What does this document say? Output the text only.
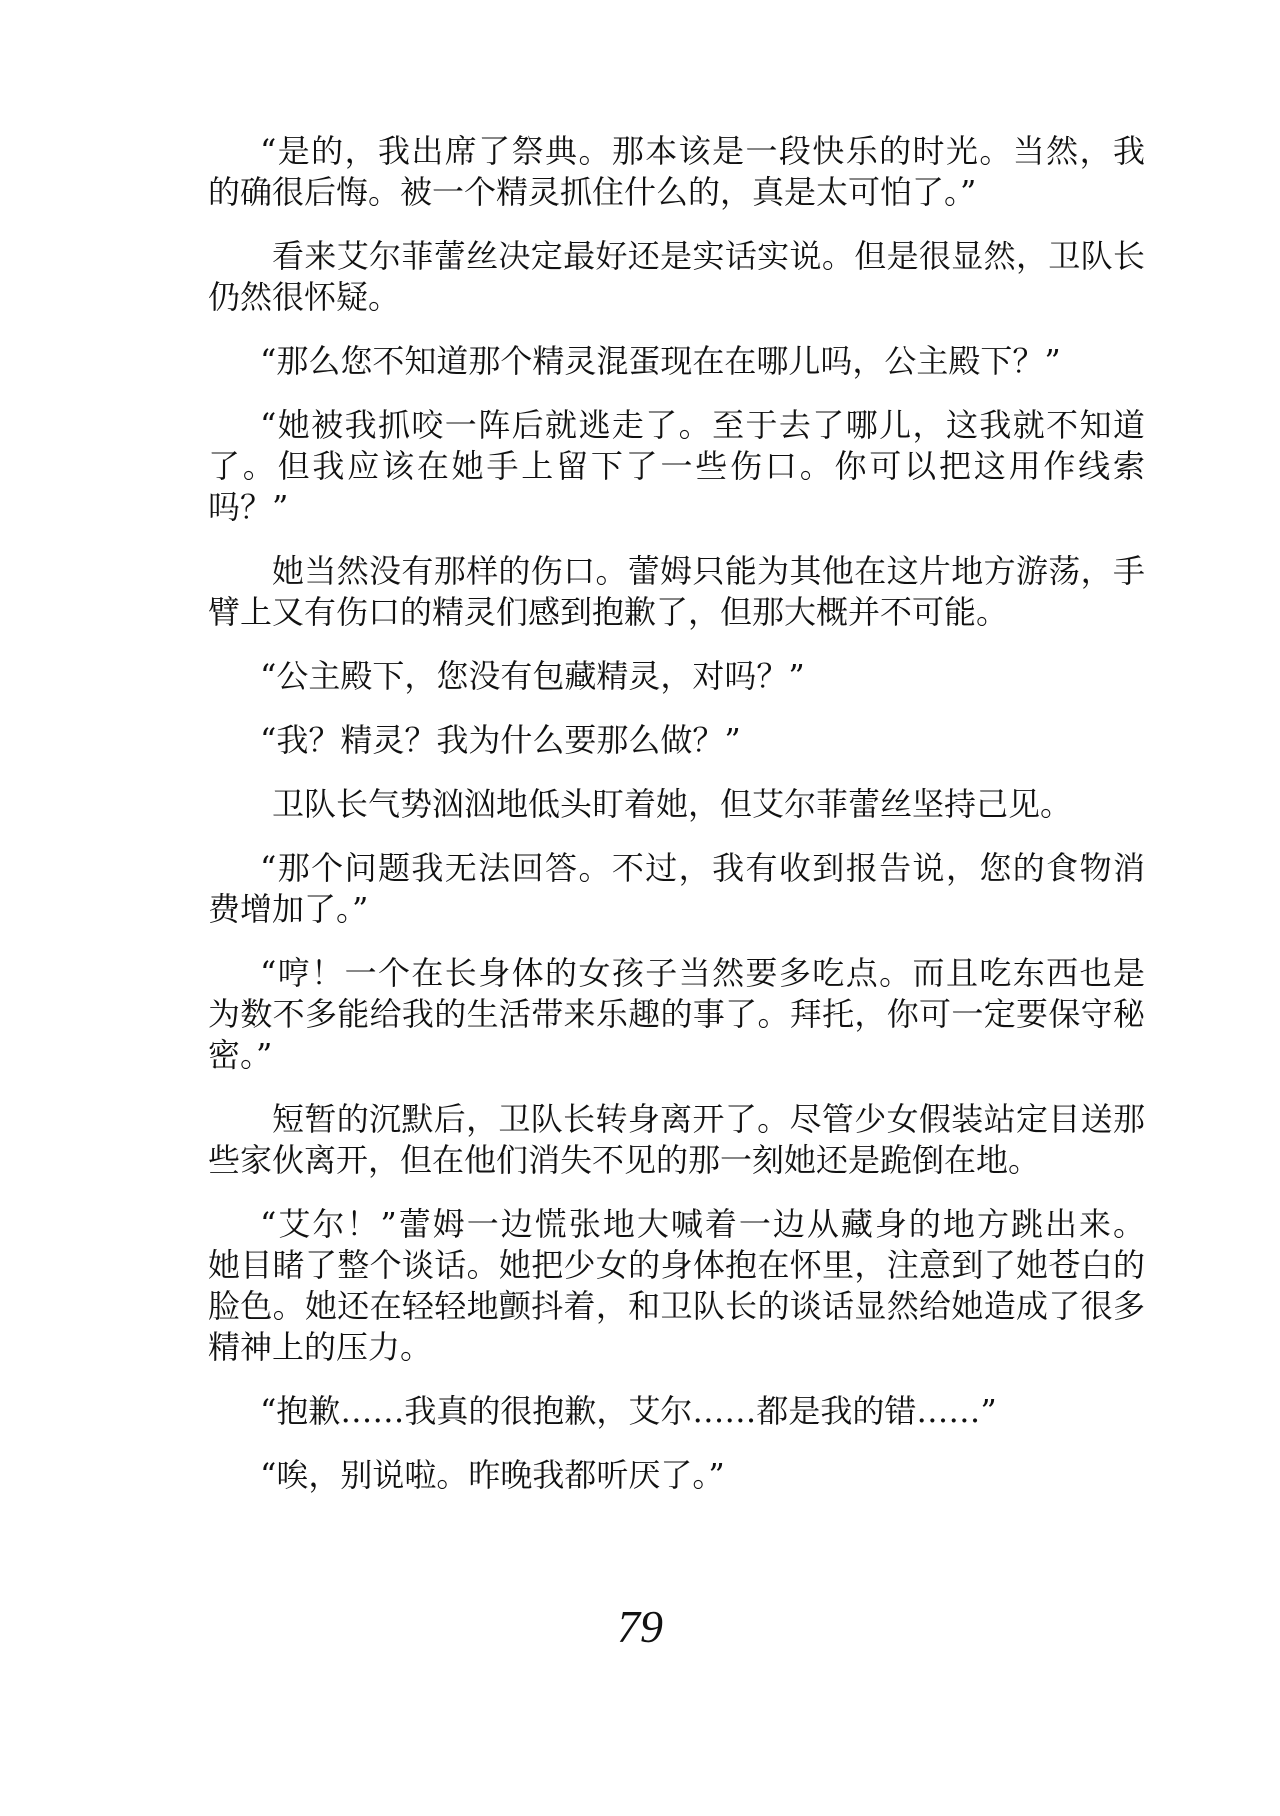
“是的，我出席了祭典。那本该是一段快乐的时光。当然，我
的确很后悔。被一个精灵抓住什么的，真是太可怕了。”
看来艾尔菲蕾丝决定最好还是实话实说。但是很显然，卫队长
仍然很怀疑。
“那么您不知道那个精灵混蛋现在在哪儿吗，公主殿下？”
“她被我抓咬一阵后就逃走了。至于去了哪儿，这我就不知道
了。但我应该在她手上留下了一些伤口。你可以把这用作线索
吗？”
她当然没有那样的伤口。蕾姆只能为其他在这片地方游荡，手
臂上又有伤口的精灵们感到抱歉了，但那大概并不可能。
“公主殿下，您没有包藏精灵，对吗？”
“我？精灵？我为什么要那么做？”
卫队长气势汹汹地低头盯着她，但艾尔菲蕾丝坚持己见。
“那个问题我无法回答。不过，我有收到报告说，您的食物消
费增加了。”
“哼！一个在长身体的女孩子当然要多吃点。而且吃东西也是
为数不多能给我的生活带来乐趣的事了。拜托，你可一定要保守秘
密。”
短暂的沉默后，卫队长转身离开了。尽管少女假装站定目送那
些家伙离开，但在他们消失不见的那一刻她还是跪倒在地。
“艾尔！”蕾姆一边慌张地大喊着一边从藏身的地方跳出来。
她目睹了整个谈话。她把少女的身体抱在怀里，注意到了她苍白的
脸色。她还在轻轻地颤抖着，和卫队长的谈话显然给她造成了很多
精神上的压力。
“抱歉……我真的很抱歉，艾尔……都是我的错……”
“唉，别说啦。昨晚我都听厌了。”
79
